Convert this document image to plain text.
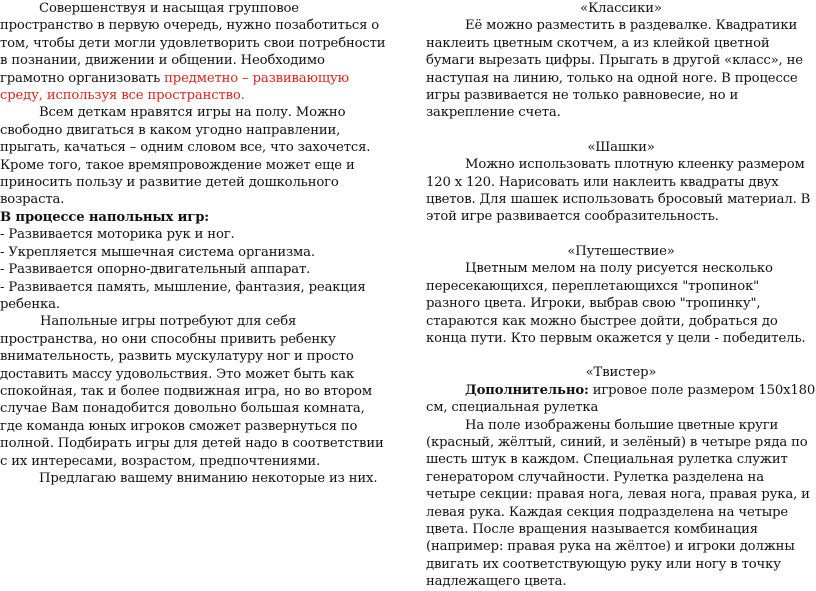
Совершенствуя и насыщая групповое пространство в первую очередь, нужно позаботиться о том, чтобы дети могли удовлетворить свои потребности в познании, движении и общении. Необходимо грамотно организовать предметно – развивающую среду, используя все пространство.

Всем деткам нравятся игры на полу. Можно свободно двигаться в каком угодно направлении, прыгать, качаться – одним словом все, что захочется. Кроме того, такое времяпровождение может еще и приносить пользу и развитие детей дошкольного возраста.

В процессе напольных игр:

- Развивается моторика рук и ног.

- Укрепляется мышечная система организма.

- Развивается опорно-двигательный аппарат.

- Развивается память, мышление, фантазия, реакция ребенка.

Напольные игры потребуют для себя пространства, но они способны привить ребенку внимательность, развить мускулатуру ног и просто доставить массу удовольствия. Это может быть как спокойная, так и более подвижная игра, но во втором случае Вам понадобится довольно большая комната, где команда юных игроков сможет развернуться по полной. Подбирать игры для детей надо в соответствии с их интересами, возрастом, предпочтениями.

Предлагаю вашему вниманию некоторые из них.

«Классики»

Её можно разместить в раздевалке. Квадратики наклеить цветным скотчем, а из клейкой цветной бумаги вырезать цифры. Прыгать в другой «класс», не наступая на линию, только на одной ноге. В процессе игры развивается не только равновесие, но и закрепление счета.

«Шашки»

Можно использовать плотную клеенку размером

120 х 120. Нарисовать или наклеить квадраты двух цветов. Для шашек использовать бросовый материал. В этой игре развивается сообразительность.

«Путешествие»

Цветным мелом на полу рисуется несколько пересекающихся, переплетающихся "тропинок" разного цвета. Игроки, выбрав свою "тропинку", стараются как можно быстрее дойти, добраться до конца пути. Кто первым окажется у цели - победитель.

«Твистер»

Дополнительно: игровое поле размером 150х180 см, специальная рулетка

На поле изображены большие цветные круги (красный, жёлтый, синий, и зелёный) в четыре ряда по шесть штук в каждом. Специальная рулетка служит генератором случайности. Рулетка разделена на четыре секции: правая нога, левая нога, правая рука, и левая рука. Каждая секция подразделена на четыре цвета. После вращения называется комбинация (например: правая рука на жёлтое) и игроки должны двигать их соответствующую руку или ногу в точку надлежащего цвета.
